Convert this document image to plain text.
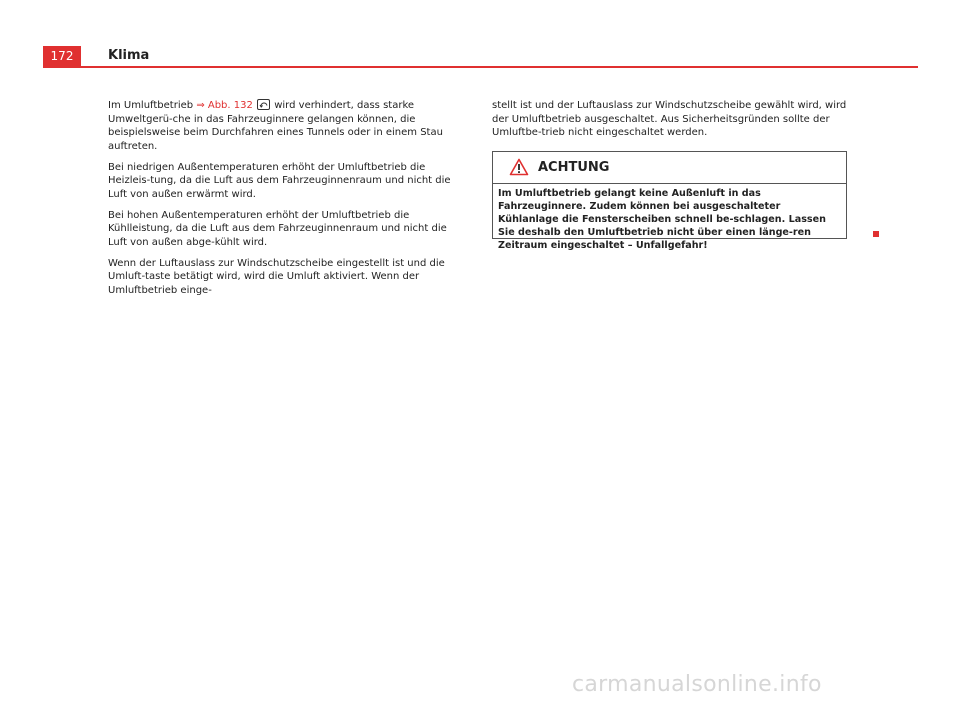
172	Klima

Im Umluftbetrieb ⇒ Abb. 132
wird verhindert, dass starke Umweltgerü-che in das Fahrzeuginnere gelangen können, die beispielsweise beim Durchfahren eines Tunnels oder in einem Stau auftreten.

Bei niedrigen Außentemperaturen erhöht der Umluftbetrieb die Heizleis-tung, da die Luft aus dem Fahrzeuginnenraum und nicht die Luft von außen erwärmt wird.

Bei hohen Außentemperaturen erhöht der Umluftbetrieb die Kühlleistung, da die Luft aus dem Fahrzeuginnenraum und nicht die Luft von außen abge-kühlt wird.

Wenn der Luftauslass zur Windschutzscheibe eingestellt ist und die Umluft-taste betätigt wird, wird die Umluft aktiviert. Wenn der Umluftbetrieb einge-

stellt ist und der Luftauslass zur Windschutzscheibe gewählt wird, wird der Umluftbetrieb ausgeschaltet. Aus Sicherheitsgründen sollte der Umluftbe-trieb nicht eingeschaltet werden.

ACHTUNG
Im Umluftbetrieb gelangt keine Außenluft in das Fahrzeuginnere. Zudem können bei ausgeschalteter Kühlanlage die Fensterscheiben schnell be-schlagen. Lassen Sie deshalb den Umluftbetrieb nicht über einen länge-ren Zeitraum eingeschaltet – Unfallgefahr!
carmanualsonline.info
